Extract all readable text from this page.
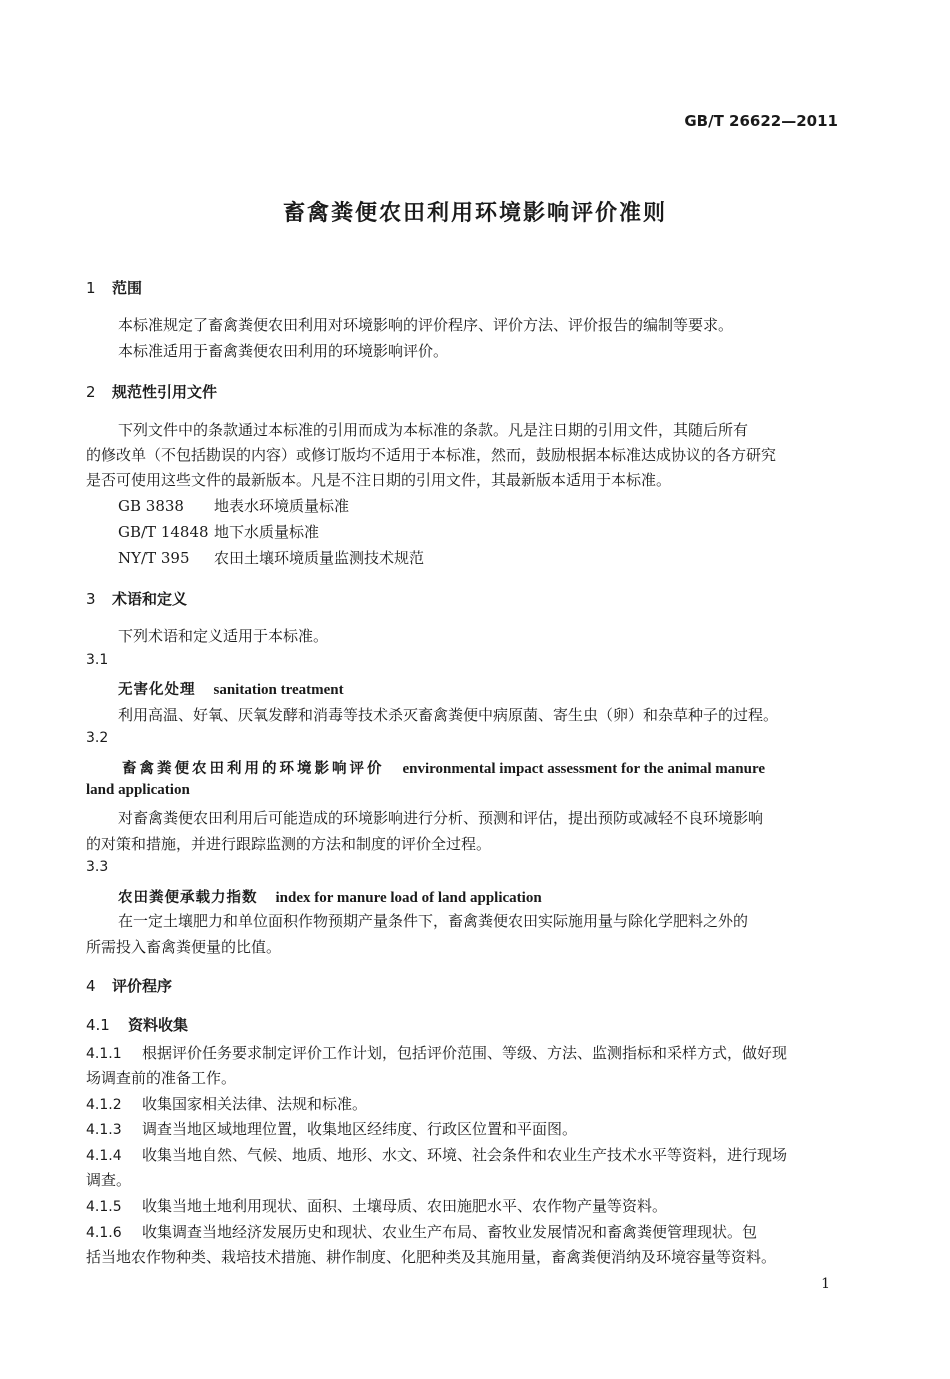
GB/T 26622—2011
畜禽粪便农田利用环境影响评价准则
1 范围
本标准规定了畜禽粪便农田利用对环境影响的评价程序、评价方法、评价报告的编制等要求。
本标准适用于畜禽粪便农田利用的环境影响评价。
2 规范性引用文件
下列文件中的条款通过本标准的引用而成为本标准的条款。凡是注日期的引用文件，其随后所有
的修改单（不包括勘误的内容）或修订版均不适用于本标准，然而，鼓励根据本标准达成协议的各方研究
是否可使用这些文件的最新版本。凡是不注日期的引用文件，其最新版本适用于本标准。
GB 3838 地表水环境质量标准
GB/T 14848 地下水质量标准
NY/T 395 农田土壤环境质量监测技术规范
3 术语和定义
下列术语和定义适用于本标准。
3.1
无害化处理 sanitation treatment
利用高温、好氧、厌氧发酵和消毒等技术杀灭畜禽粪便中病原菌、寄生虫（卵）和杂草种子的过程。
3.2
畜禽粪便农田利用的环境影响评价 environmental impact assessment for the animal manure
land application
对畜禽粪便农田利用后可能造成的环境影响进行分析、预测和评估，提出预防或减轻不良环境影响
的对策和措施，并进行跟踪监测的方法和制度的评价全过程。
3.3
农田粪便承载力指数 index for manure load of land application
在一定土壤肥力和单位面积作物预期产量条件下，畜禽粪便农田实际施用量与除化学肥料之外的
所需投入畜禽粪便量的比值。
4 评价程序
4.1 资料收集
4.1.1 根据评价任务要求制定评价工作计划，包括评价范围、等级、方法、监测指标和采样方式，做好现
场调查前的准备工作。
4.1.2 收集国家相关法律、法规和标准。
4.1.3 调查当地区域地理位置，收集地区经纬度、行政区位置和平面图。
4.1.4 收集当地自然、气候、地质、地形、水文、环境、社会条件和农业生产技术水平等资料，进行现场
调查。
4.1.5 收集当地土地利用现状、面积、土壤母质、农田施肥水平、农作物产量等资料。
4.1.6 收集调查当地经济发展历史和现状、农业生产布局、畜牧业发展情况和畜禽粪便管理现状。包
括当地农作物种类、栽培技术措施、耕作制度、化肥种类及其施用量，畜禽粪便消纳及环境容量等资料。
1
